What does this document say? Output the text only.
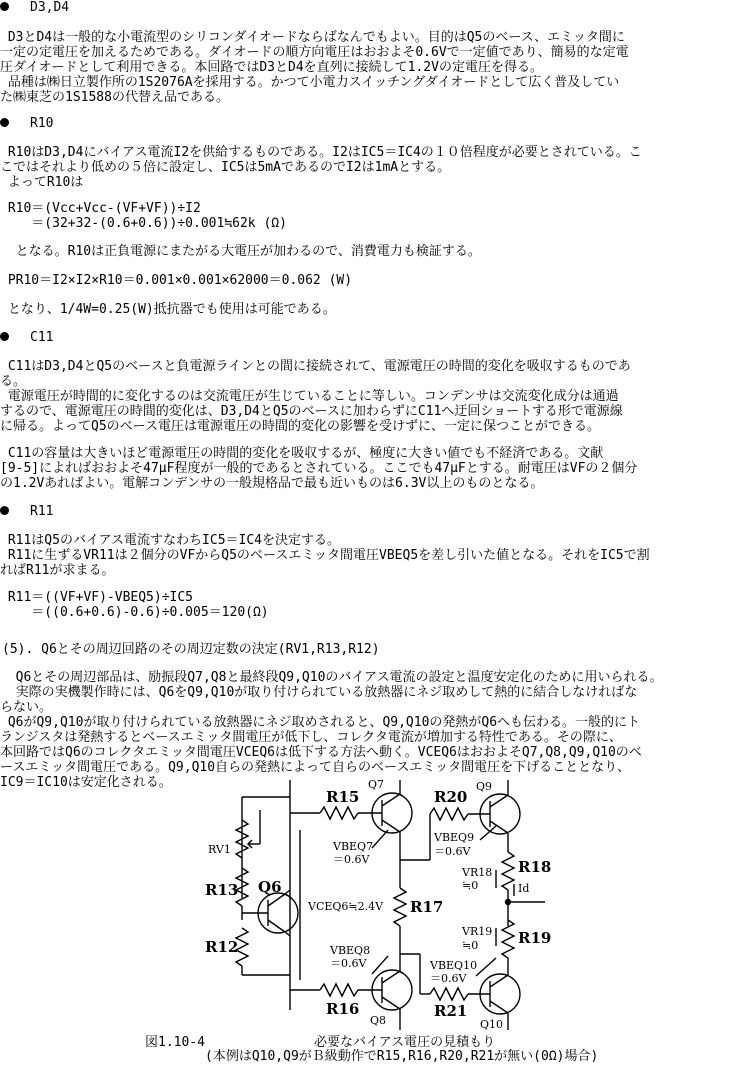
D3,D4
D3とD4は一般的な小電流型のシリコンダイオードならばなんでもよい。目的はQ5のベース、エミッタ間に
一定の定電圧を加えるためである。ダイオードの順方向電圧はおおよそ0.6Vで一定値であり、簡易的な定電
圧ダイオードとして利用できる。本回路ではD3とD4を直列に接続して1.2Vの定電圧を得る。
品種は㈱日立製作所の1S2076Aを採用する。かつて小電力スイッチングダイオードとして広く普及してい
た㈱東芝の1S1588の代替え品である。
R10
R10はD3,D4にバイアス電流I2を供給するものである。I2はIC5＝IC4の１０倍程度が必要とされている。こ
こではそれより低めの５倍に設定し、IC5は5mAであるのでI2は1mAとする。
よってR10は
R10＝(Vcc+Vcc-(VF+VF))÷I2
＝(32+32-(0.6+0.6))÷0.001≒62k (Ω)
となる。R10は正負電源にまたがる大電圧が加わるので、消費電力も検証する。
PR10＝I2×I2×R10＝0.001×0.001×62000＝0.062 (W)
となり、1/4W=0.25(W)抵抗器でも使用は可能である。
C11
C11はD3,D4とQ5のベースと負電源ラインとの間に接続されて、電源電圧の時間的変化を吸収するものであ
る。
電源電圧が時間的に変化するのは交流電圧が生じていることに等しい。コンデンサは交流変化成分は通過
するので、電源電圧の時間的変化は、D3,D4とQ5のベースに加わらずにC11へ迂回ショートする形で電源線
に帰る。よってQ5のベース電圧は電源電圧の時間的変化の影響を受けずに、一定に保つことができる。
C11の容量は大きいほど電源電圧の時間的変化を吸収するが、極度に大きい値でも不経済である。文献
[9-5]によればおおよそ47μF程度が一般的であるとされている。ここでも47μFとする。耐電圧はVFの２個分
の1.2Vあればよい。電解コンデンサの一般規格品で最も近いものは6.3V以上のものとなる。
R11
R11はQ5のバイアス電流すなわちIC5＝IC4を決定する。
R11に生ずるVR11は２個分のVFからQ5のベースエミッタ間電圧VBEQ5を差し引いた値となる。それをIC5で割
ればR11が求まる。
R11＝((VF+VF)-VBEQ5)÷IC5
＝((0.6+0.6)-0.6)÷0.005＝120(Ω)
(5). Q6とその周辺回路のその周辺定数の決定(RV1,R13,R12)
Q6とその周辺部品は、励振段Q7,Q8と最終段Q9,Q10のバイアス電流の設定と温度安定化のために用いられる。
実際の実機製作時には、Q6をQ9,Q10が取り付けられている放熱器にネジ取めして熱的に結合しなければな
らない。
Q6がQ9,Q10が取り付けられている放熱器にネジ取めされると、Q9,Q10の発熱がQ6へも伝わる。一般的にト
ランジスタは発熱するとベースエミッタ間電圧が低下し、コレクタ電流が増加する特性である。その際に、
本回路ではQ6のコレクタエミッタ間電圧VCEQ6は低下する方法へ動く。VCEQ6はおおよそQ7,Q8,Q9,Q10のベ
ースエミッタ間電圧である。Q9,Q10自らの発熱によって自らのベースエミッタ間電圧を下げることとなり、
IC9＝IC10は安定化される。
R15
R16
R17
R18
R19
R20
R21
R13
R12
Q6
RV1
Q7
Q8
Q9
Q10
VBEQ7
＝0.6V
VBEQ8
＝0.6V
VBEQ9
＝0.6V
VBEQ10
＝0.6V
VCEQ6≒2.4V
VR18
≒0
VR19
≒0
Id
図1.10-4	必要なバイアス電圧の見積もり
(本例はQ10,Q9がＢ級動作でR15,R16,R20,R21が無い(0Ω)場合)
